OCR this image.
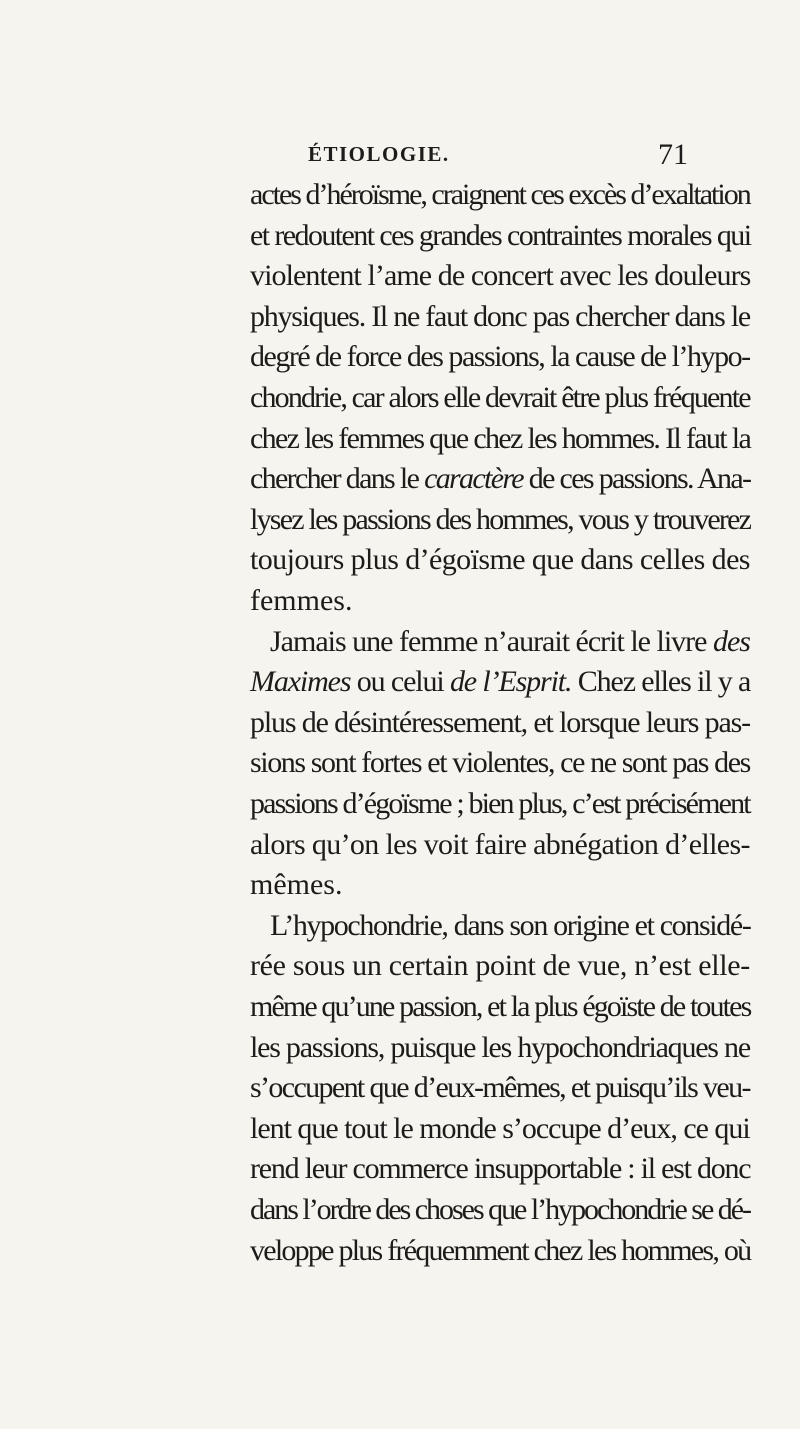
ÉTIOLOGIE.	71
actes d’héroïsme, craignent ces excès d’exaltation
et redoutent ces grandes contraintes morales qui
violentent l’ame de concert avec les douleurs
physiques. Il ne faut donc pas chercher dans le
degré de force des passions, la cause de l’hypo-
chondrie, car alors elle devrait être plus fréquente
chez les femmes que chez les hommes. Il faut la
chercher dans le caractère de ces passions. Ana-
lysez les passions des hommes, vous y trouverez
toujours plus d’égoïsme que dans celles des
femmes.
Jamais une femme n’aurait écrit le livre des
Maximes ou celui de l’Esprit. Chez elles il y a
plus de désintéressement, et lorsque leurs pas-
sions sont fortes et violentes, ce ne sont pas des
passions d’égoïsme ; bien plus, c’est précisément
alors qu’on les voit faire abnégation d’elles-
mêmes.
L’hypochondrie, dans son origine et considé-
rée sous un certain point de vue, n’est elle-
même qu’une passion, et la plus égoïste de toutes
les passions, puisque les hypochondriaques ne
s’occupent que d’eux-mêmes, et puisqu’ils veu-
lent que tout le monde s’occupe d’eux, ce qui
rend leur commerce insupportable : il est donc
dans l’ordre des choses que l’hypochondrie se dé-
veloppe plus fréquemment chez les hommes, où
